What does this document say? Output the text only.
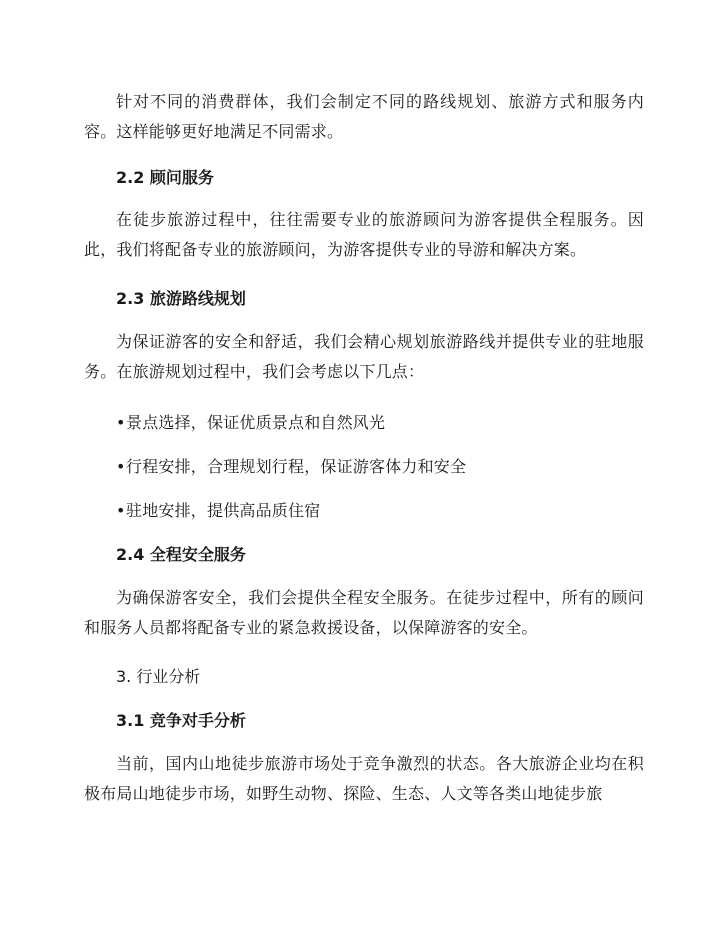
针对不同的消费群体，我们会制定不同的路线规划、旅游方式和服务内容。这样能够更好地满足不同需求。

2.2 顾问服务

在徒步旅游过程中，往往需要专业的旅游顾问为游客提供全程服务。因此，我们将配备专业的旅游顾问，为游客提供专业的导游和解决方案。

2.3 旅游路线规划

为保证游客的安全和舒适，我们会精心规划旅游路线并提供专业的驻地服务。在旅游规划过程中，我们会考虑以下几点：

•景点选择，保证优质景点和自然风光
•行程安排，合理规划行程，保证游客体力和安全
•驻地安排，提供高品质住宿
2.4 全程安全服务

为确保游客安全，我们会提供全程安全服务。在徒步过程中，所有的顾问和服务人员都将配备专业的紧急救援设备，以保障游客的安全。

3. 行业分析
3.1 竞争对手分析

当前，国内山地徒步旅游市场处于竞争激烈的状态。各大旅游企业均在积极布局山地徒步市场，如野生动物、探险、生态、人文等各类山地徒步旅
